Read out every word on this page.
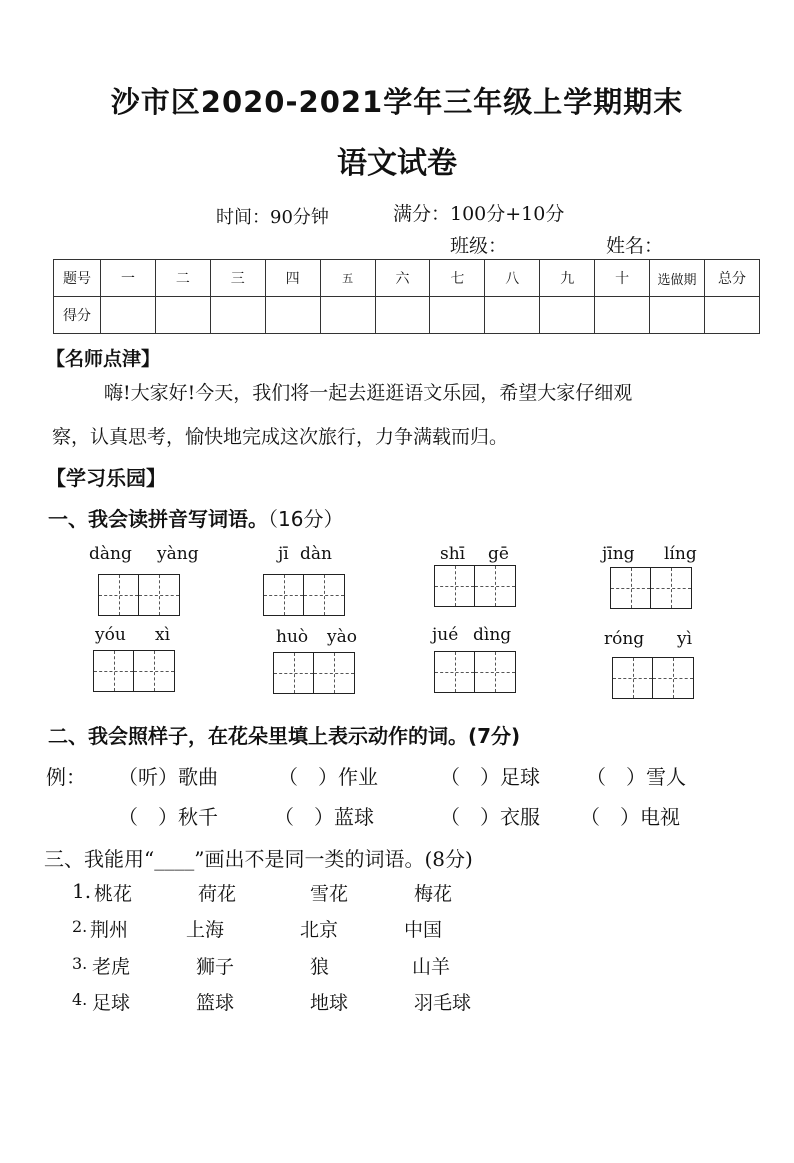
沙市区2020-2021学年三年级上学期期末
语文试卷
时间：90分钟	满分：100分+10分
班级：	姓名：
题号	一	二	三	四	五	六	七	八	九	十	选做期	总分
得分												
【名师点津】
嗨!大家好!今天，我们将一起去逛逛语文乐园，希望大家仔细观
察，认真思考，愉快地完成这次旅行，力争满载而归。
【学习乐园】
一、我会读拼音写词语。（16分）
dàng yàng	jī dàn	shī gē	jīng líng
yóu xì	huò yào	jué dìng	róng yì
二、我会照样子，在花朵里填上表示动作的词。(7分)
例： （听）歌曲	（　）作业	（　）足球 （　）雪人
（　）秋千	（　）蓝球	（　）衣服 （　）电视
三、我能用“____”画出不是同一类的词语。(8分)
1. 桃花	荷花	雪花	梅花
2. 荆州	上海	北京	中国
3. 老虎	狮子	狼	山羊
4. 足球	篮球	地球	羽毛球
